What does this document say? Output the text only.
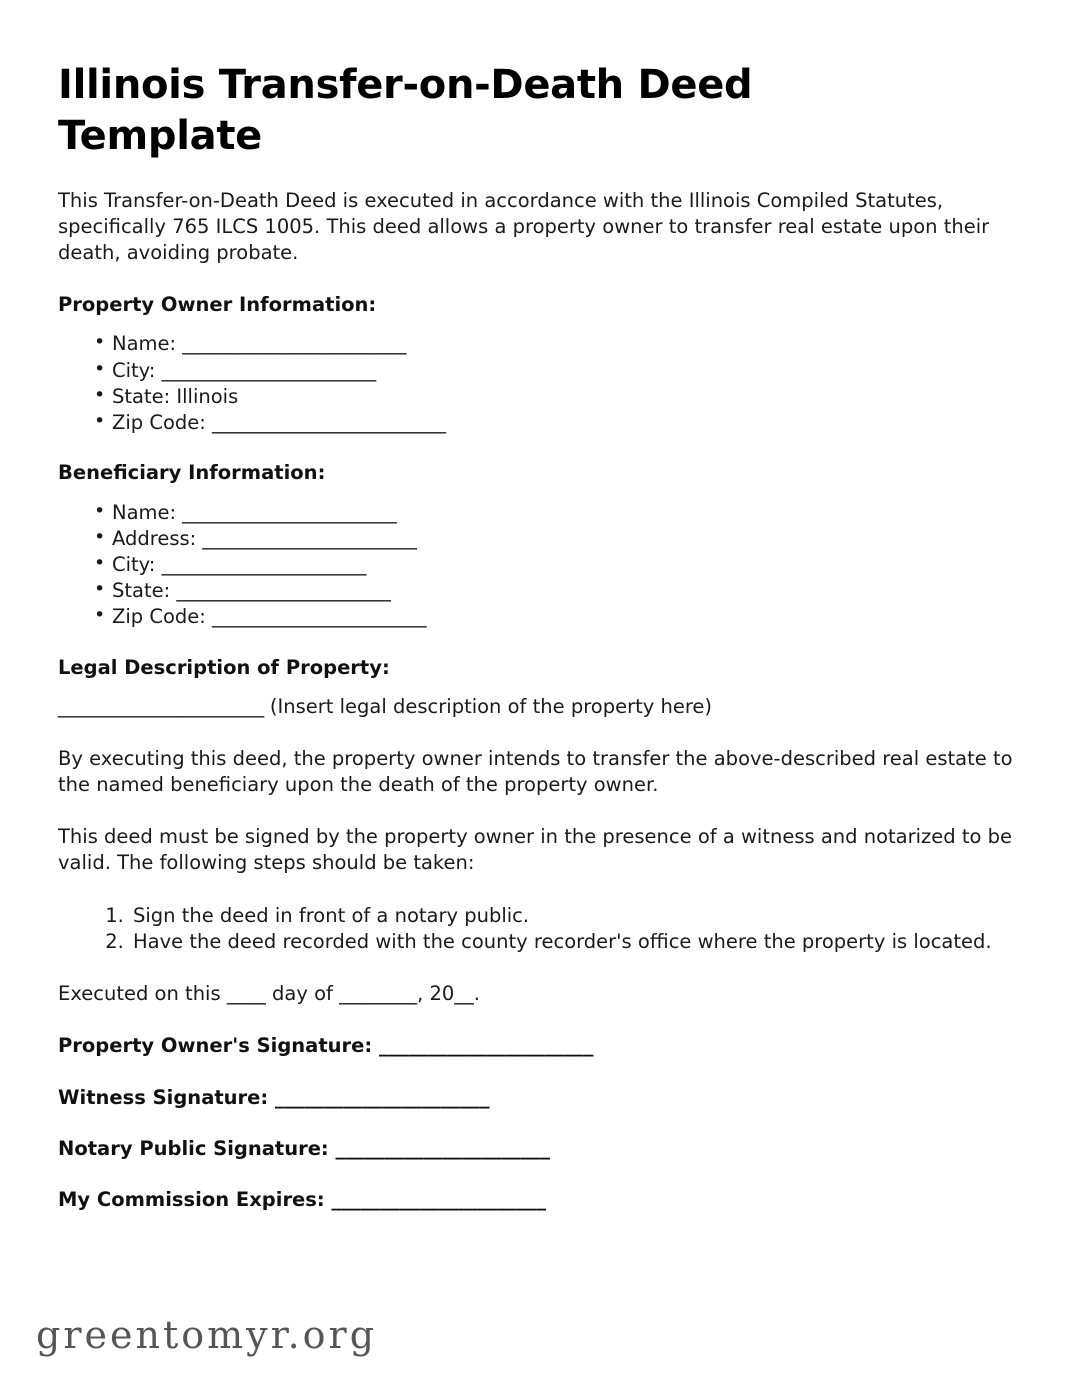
Illinois Transfer-on-Death Deed Template

This Transfer-on-Death Deed is executed in accordance with the Illinois Compiled Statutes, specifically 765 ILCS 1005. This deed allows a property owner to transfer real estate upon their death, avoiding probate.

Property Owner Information:
• Name: _______________________
• City: ______________________
• State: Illinois
• Zip Code: ________________________
Beneficiary Information:
• Name: ______________________
• Address: ______________________
• City: _____________________
• State: ______________________
• Zip Code: ______________________
Legal Description of Property:
______________________ (Insert legal description of the property here)

By executing this deed, the property owner intends to transfer the above-described real estate to the named beneficiary upon the death of the property owner.

This deed must be signed by the property owner in the presence of a witness and notarized to be valid. The following steps should be taken:

1. Sign the deed in front of a notary public.
2. Have the deed recorded with the county recorder's office where the property is located.

Executed on this ____ day of ________, 20__.

Property Owner's Signature: ______________________
Witness Signature: ______________________
Notary Public Signature: ______________________
My Commission Expires: ______________________
greentomyr.org
